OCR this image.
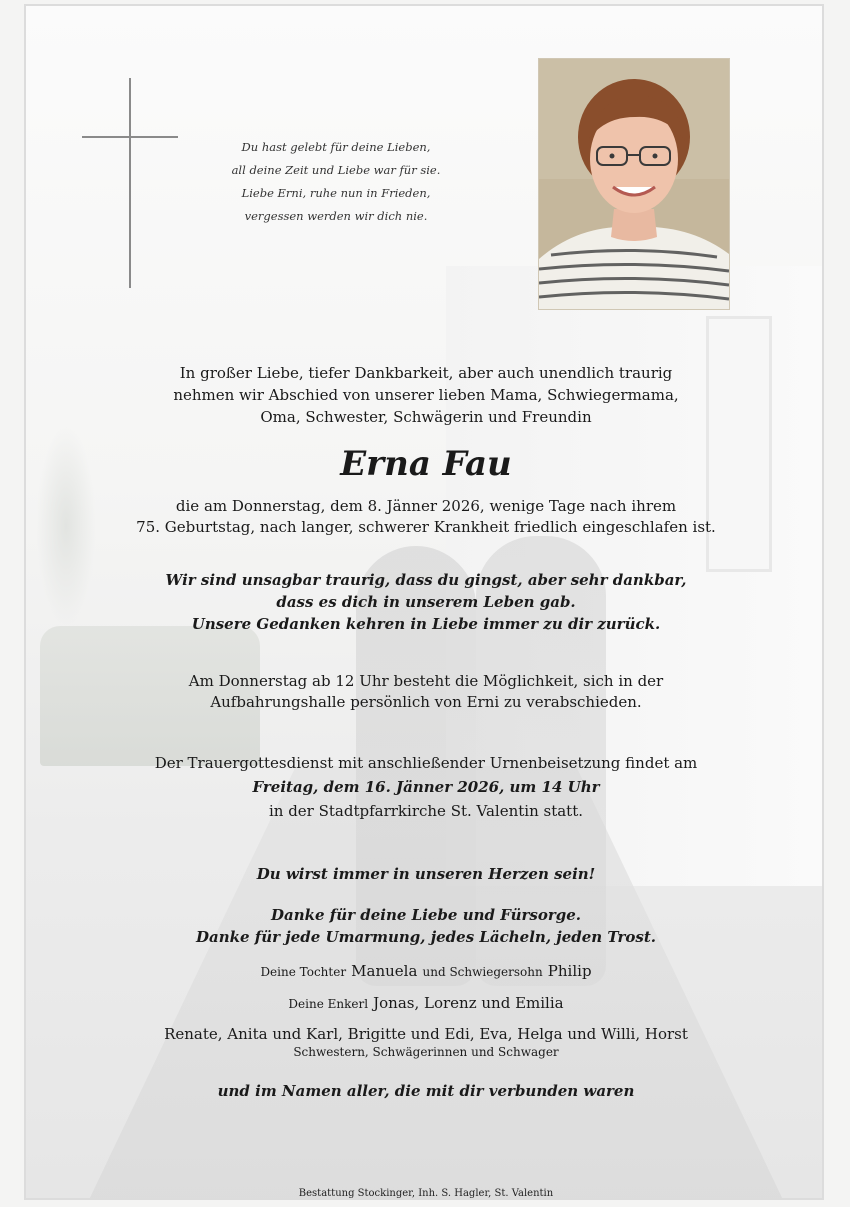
Du hast gelebt für deine Lieben,
all deine Zeit und Liebe war für sie.
Liebe Erni, ruhe nun in Frieden,
vergessen werden wir dich nie.
In großer Liebe, tiefer Dankbarkeit, aber auch unendlich traurig
nehmen wir Abschied von unserer lieben Mama, Schwiegermama,
Oma, Schwester, Schwägerin und Freundin
Erna Fau
die am Donnerstag, dem 8. Jänner 2026, wenige Tage nach ihrem
75. Geburtstag, nach langer, schwerer Krankheit friedlich eingeschlafen ist.
Wir sind unsagbar traurig, dass du gingst, aber sehr dankbar,
dass es dich in unserem Leben gab.
Unsere Gedanken kehren in Liebe immer zu dir zurück.
Am Donnerstag ab 12 Uhr besteht die Möglichkeit, sich in der
Aufbahrungshalle persönlich von Erni zu verabschieden.
Der Trauergottesdienst mit anschließender Urnenbeisetzung findet am
Freitag, dem 16. Jänner 2026, um 14 Uhr
in der Stadtpfarrkirche St. Valentin statt.
Du wirst immer in unseren Herzen sein!
Danke für deine Liebe und Fürsorge.
Danke für jede Umarmung, jedes Lächeln, jeden Trost.
Deine Tochter Manuela und Schwiegersohn Philip
Deine Enkerl Jonas, Lorenz und Emilia
Renate, Anita und Karl, Brigitte und Edi, Eva, Helga und Willi, Horst
Schwestern, Schwägerinnen und Schwager
und im Namen aller, die mit dir verbunden waren
Bestattung Stockinger, Inh. S. Hagler, St. Valentin
